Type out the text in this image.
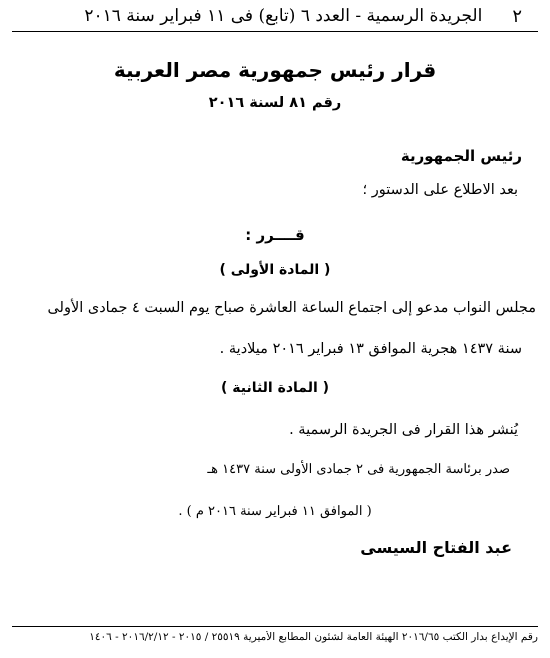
٢
الجريدة الرسمية - العدد ٦ (تابع) فى ١١ فبراير سنة ٢٠١٦
قرار رئيس جمهورية مصر العربية
رقم ٨١ لسنة ٢٠١٦
رئيس الجمهورية
بعد الاطلاع على الدستور ؛
قــــرر :
( المادة الأولى )
مجلس النواب مدعو إلى اجتماع الساعة العاشرة صباح يوم السبت ٤ جمادى الأولى
سنة ١٤٣٧ هجرية الموافق ١٣ فبراير ٢٠١٦ ميلادية .
( المادة الثانية )
يُنشر هذا القرار فى الجريدة الرسمية .
صدر برئاسة الجمهورية فى ٢ جمادى الأولى سنة ١٤٣٧ هـ
( الموافق ١١ فبراير سنة ٢٠١٦ م ) .
عبد الفتاح السيسى
رقم الإيداع بدار الكتب ٢٠١٦/٦٥ الهيئة العامة لشئون المطابع الأميرية ٢٥٥١٩ / ٢٠١٥ - ٢٠١٦/٢/١٢ - ١٤٠٦
